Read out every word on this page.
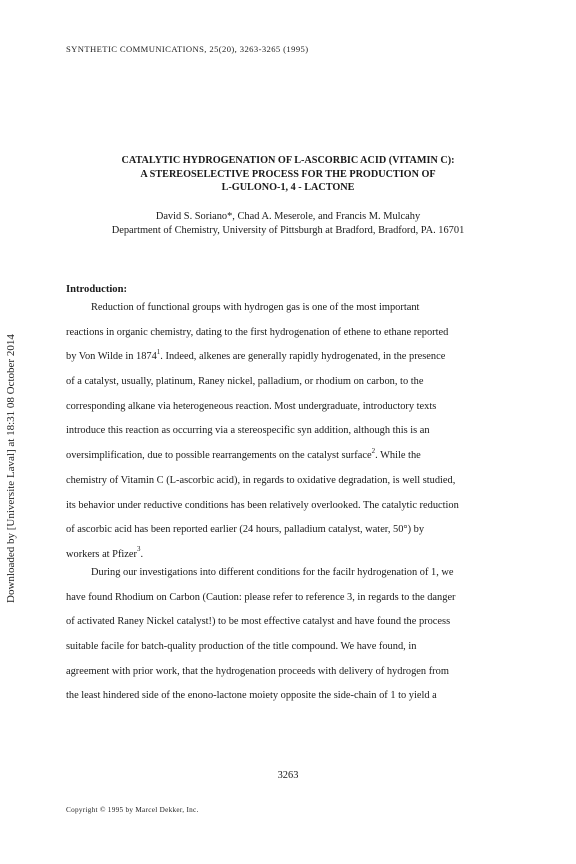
SYNTHETIC COMMUNICATIONS, 25(20), 3263-3265 (1995)
Downloaded by [Universite Laval] at 18:31 08 October 2014
CATALYTIC HYDROGENATION OF L-ASCORBIC ACID (VITAMIN C):
A STEREOSELECTIVE PROCESS FOR THE PRODUCTION OF
L-GULONO-1, 4 - LACTONE
David S. Soriano*, Chad A. Meserole, and Francis M. Mulcahy
Department of Chemistry, University of Pittsburgh at Bradford, Bradford, PA. 16701
Introduction:
Reduction of functional groups with hydrogen gas is one of the most important
reactions in organic chemistry, dating to the first hydrogenation of ethene to ethane reported
by Von Wilde in 1874$^1$. Indeed, alkenes are generally rapidly hydrogenated, in the presence
of a catalyst, usually, platinum, Raney nickel, palladium, or rhodium on carbon, to the
corresponding alkane via heterogeneous reaction. Most undergraduate, introductory texts
introduce this reaction as occurring via a stereospecific syn addition, although this is an
oversimplification, due to possible rearrangements on the catalyst surface$^2$. While the
chemistry of Vitamin C (L-ascorbic acid), in regards to oxidative degradation, is well studied,
its behavior under reductive conditions has been relatively overlooked. The catalytic reduction
of ascorbic acid has been reported earlier (24 hours, palladium catalyst, water, 50°) by
workers at Pfizer$^3$.
During our investigations into different conditions for the facilr hydrogenation of 1, we
have found Rhodium on Carbon (Caution: please refer to reference 3, in regards to the danger
of activated Raney Nickel catalyst!) to be most effective catalyst and have found the process
suitable facile for batch-quality production of the title compound. We have found, in
agreement with prior work, that the hydrogenation proceeds with delivery of hydrogen from
the least hindered side of the enono-lactone moiety opposite the side-chain of 1 to yield a
3263
Copyright © 1995 by Marcel Dekker, Inc.
